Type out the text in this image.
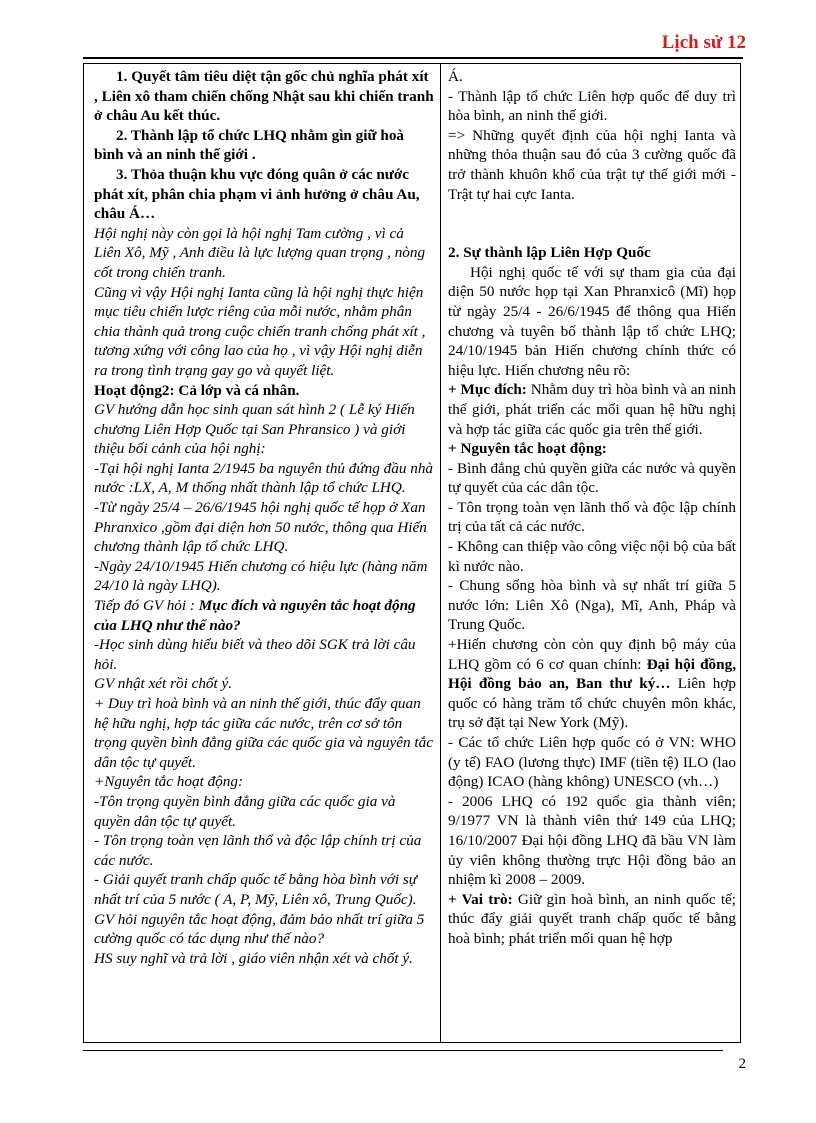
Lịch sử 12

1. Quyết tâm tiêu diệt tận gốc chủ nghĩa phát xít , Liên xô tham chiến chống Nhật sau khi chiến tranh ở châu Au kết thúc.

2. Thành lập tổ chức LHQ nhằm gìn giữ hoà bình và an ninh thế giới .

3. Thỏa thuận khu vực đóng quân ở các nước phát xít, phân chia phạm vi ảnh hưởng ở châu Au, châu Á…

Hội nghị này còn gọi là hội nghị Tam cường , vì cả Liên Xô, Mỹ , Anh điều là lực lượng quan trọng , nòng cốt trong chiến tranh.

Cũng vì vậy Hội nghị Ianta cũng là hội nghị thực hiện mục tiêu chiến lược riêng của mỗi nước, nhằm phân chia thành quả trong cuộc chiến tranh chống phát xít , tương xứng với công lao của họ , vì vậy Hội nghị diễn ra trong tình trạng gay go và quyết liệt.

Hoạt động2: Cả lớp và cá nhân.

GV hướng dẫn học sinh quan sát hình 2 ( Lễ ký Hiến chương Liên Hợp Quốc tại San Phransico ) và giới thiệu bối cảnh của hội nghị:

-Tại hội nghị Ianta 2/1945 ba nguyên thủ đứng đầu nhà nước :LX, A, M thống nhất thành lập tổ chức LHQ.

-Từ ngày 25/4 – 26/6/1945 hội nghị quốc tế họp ở Xan Phranxico ,gồm đại diện hơn 50 nước, thông qua Hiến chương thành lập tổ chức LHQ.

-Ngày 24/10/1945 Hiến chương có hiệu lực (hàng năm 24/10 là ngày LHQ).

Tiếp đó GV hỏi : Mục đích và nguyên tắc hoạt động của LHQ như thế nào?

-Học sinh dùng hiểu biết và theo dõi SGK trả lời câu hỏi.

GV nhật xét rồi chốt ý.

+ Duy trì hoà bình và an ninh thế giới, thúc đẩy quan hệ hữu nghị, hợp tác giữa các nước, trên cơ sở tôn trọng quyền bình đẳng giữa các quốc gia và nguyên tắc dân tộc tự quyết.

+Nguyên tắc hoạt động:

-Tôn trọng quyền bình đẳng giữa các quốc gia và quyền dân tộc tự quyết.

- Tôn trọng toàn vẹn lãnh thổ và độc lập chính trị của các nước.

- Giải quyết tranh chấp quốc tế bằng hòa bình với sự nhất trí của 5 nước ( A, P, Mỹ, Liên xô, Trung Quốc).

GV hỏi nguyên tắc hoạt động, đảm bảo nhất trí giữa 5 cường quốc có tác dụng như thế nào?

HS suy nghĩ và trả lời , giáo viên nhận xét và chốt ý.

Á.

- Thành lập tổ chức Liên hợp quốc để duy trì hòa bình, an ninh thế giới.

=> Những quyết định của hội nghị Ianta và những thỏa thuận sau đó của 3 cường quốc đã trở thành khuôn khổ của trật tự thế giới mới - Trật tự hai cực Ianta.

2. Sự thành lập Liên Hợp Quốc

Hội nghị quốc tế với sự tham gia của đại diện 50 nước họp tại Xan Phranxicô (Mĩ) họp từ ngày 25/4 - 26/6/1945 để thông qua Hiến chương và tuyên bố thành lập tổ chức LHQ; 24/10/1945 bản Hiến chương chính thức có hiệu lực. Hiến chương nêu rõ:

+ Mục đích: Nhằm duy trì hòa bình và an ninh thế giới, phát triển các mối quan hệ hữu nghị và hợp tác giữa các quốc gia trên thế giới.

+ Nguyên tắc hoạt động:

- Bình đẳng chủ quyền giữa các nước và quyền tự quyết của các dân tộc.

- Tôn trọng toàn vẹn lãnh thổ và độc lập chính trị của tất cả các nước.

- Không can thiệp vào công việc nội bộ của bất kì nước nào.

- Chung sống hòa bình và sự nhất trí giữa 5 nước lớn: Liên Xô (Nga), Mĩ, Anh, Pháp và Trung Quốc.

+Hiến chương còn còn quy định bộ máy của LHQ gồm có 6 cơ quan chính: Đại hội đồng, Hội đồng bảo an, Ban thư ký… Liên hợp quốc có hàng trăm tổ chức chuyên môn khác, trụ sở đặt tại New York (Mỹ).

- Các tổ chức Liên hợp quốc có ở VN: WHO (y tế) FAO (lương thực) IMF (tiền tệ) ILO (lao động) ICAO (hàng không) UNESCO (vh…)

- 2006 LHQ có 192 quốc gia thành viên; 9/1977 VN là thành viên thứ 149 của LHQ; 16/10/2007 Đại hội đồng LHQ đã bầu VN làm ủy viên không thường trực Hội đồng bảo an nhiệm kì 2008 – 2009.

+ Vai trò: Giữ gìn hoà bình, an ninh quốc tế; thúc đẩy giải quyết tranh chấp quốc tế bằng hoà bình; phát triển mối quan hệ hợp

2
